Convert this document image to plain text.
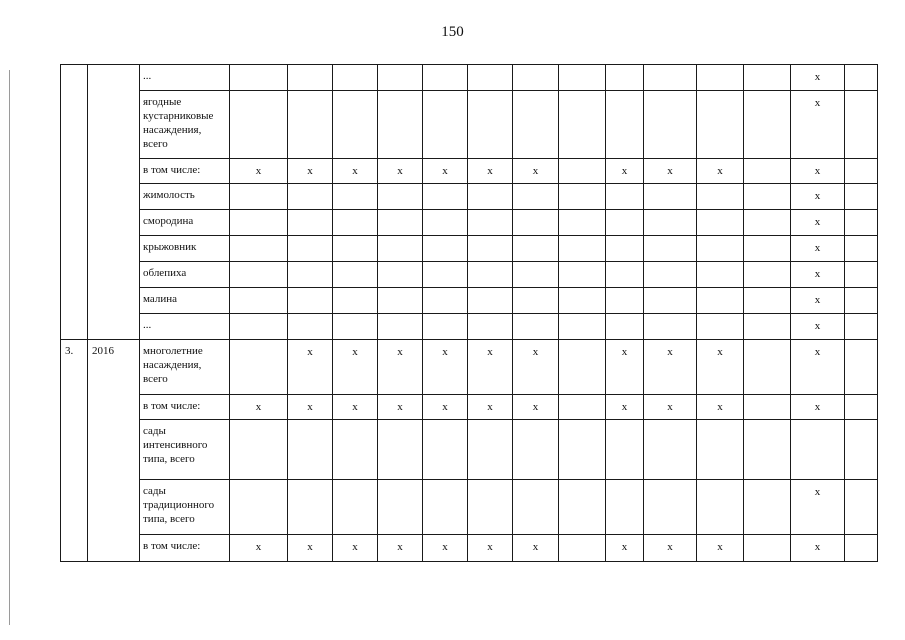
150
		...													x	
		ягодные кустарниковые насаждения, всего													x	
		в том числе:	x	x	x	x	x	x	x		x	x	x		x	
		жимолость													x	
		смородина													x	
		крыжовник													x	
		облепиха													x	
		малина													x	
		...													x	
3.	2016	многолетние насаждения, всего		x	x	x	x	x	x		x	x	x		x	
		в том числе:	x	x	x	x	x	x	x		x	x	x		x	
		сады интенсивного типа, всего														
		сады традиционного типа, всего													x	
		в том числе:	x	x	x	x	x	x	x		x	x	x		x	
